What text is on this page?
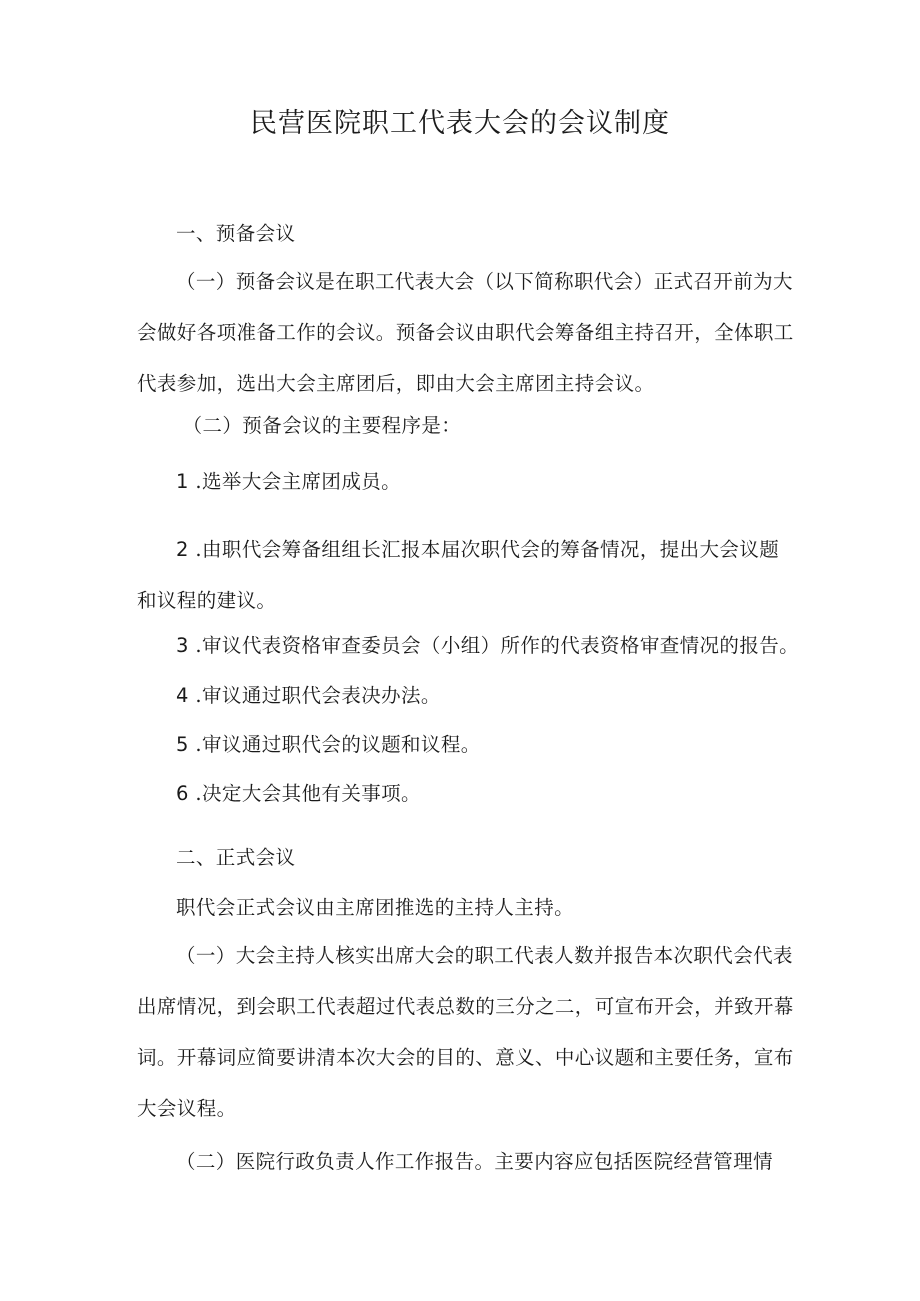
民营医院职工代表大会的会议制度

一、预备会议

（一）预备会议是在职工代表大会（以下简称职代会）正式召开前为大会做好各项准备工作的会议。预备会议由职代会筹备组主持召开，全体职工代表参加，选出大会主席团后，即由大会主席团主持会议。

（二）预备会议的主要程序是：

1 .选举大会主席团成员。

2 .由职代会筹备组组长汇报本届次职代会的筹备情况，提出大会议题和议程的建议。

3 .审议代表资格审查委员会（小组）所作的代表资格审查情况的报告。

4 .审议通过职代会表决办法。

5 .审议通过职代会的议题和议程。

6 .决定大会其他有关事项。

二、正式会议

职代会正式会议由主席团推选的主持人主持。

（一）大会主持人核实出席大会的职工代表人数并报告本次职代会代表出席情况，到会职工代表超过代表总数的三分之二，可宣布开会，并致开幕词。开幕词应简要讲清本次大会的目的、意义、中心议题和主要任务，宣布大会议程。

（二）医院行政负责人作工作报告。主要内容应包括医院经营管理情
